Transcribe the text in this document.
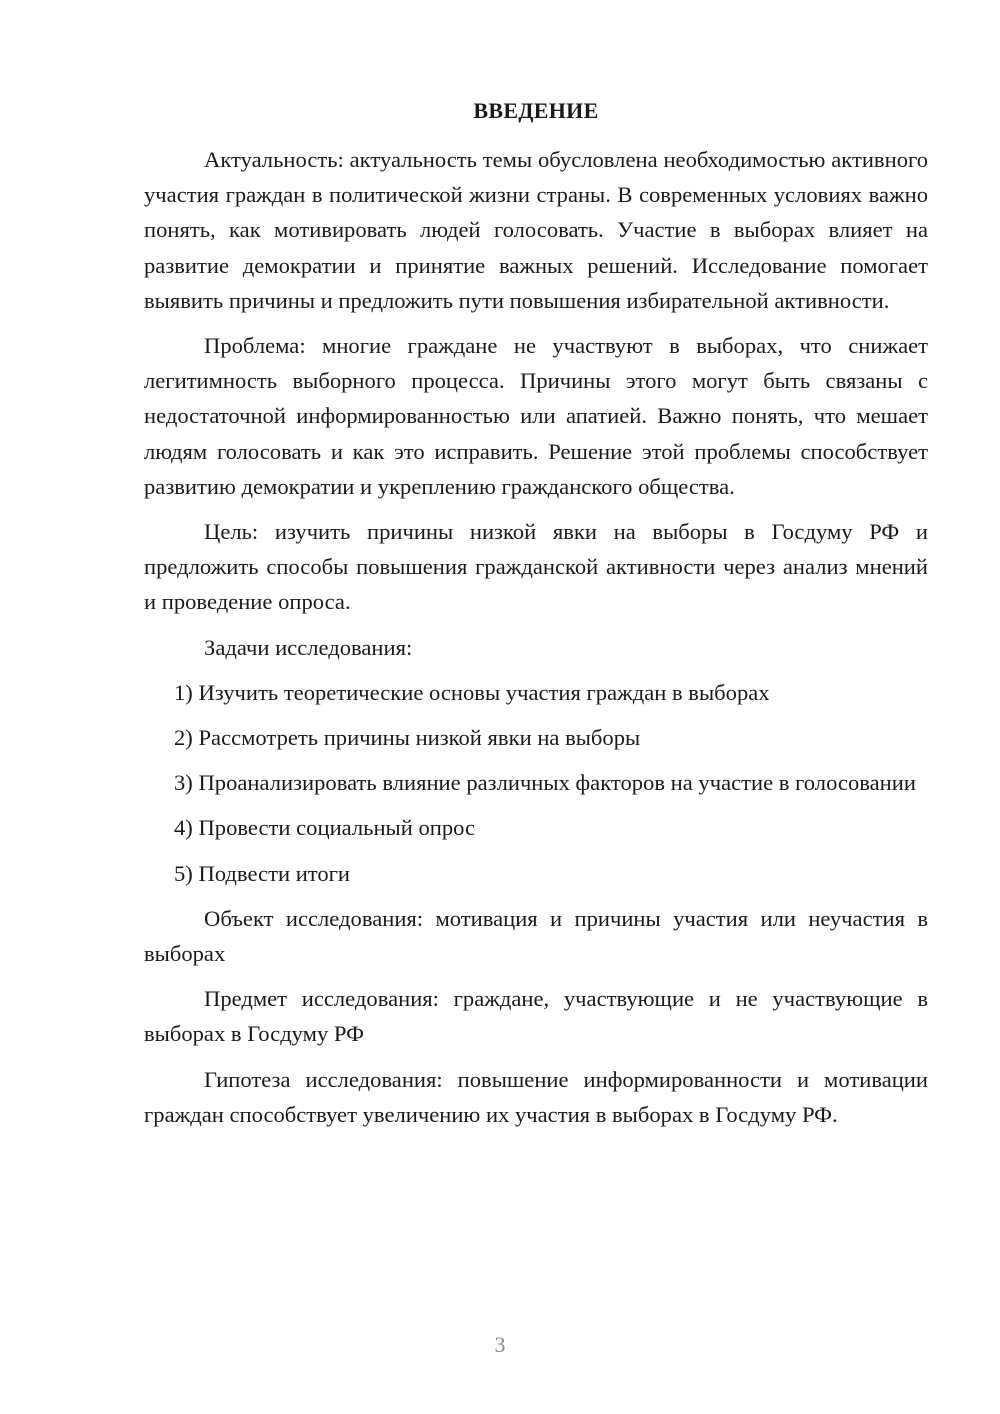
ВВЕДЕНИЕ

Актуальность: актуальность темы обусловлена необходимостью активного участия граждан в политической жизни страны. В современных условиях важно понять, как мотивировать людей голосовать. Участие в выборах влияет на развитие демократии и принятие важных решений. Исследование помогает выявить причины и предложить пути повышения избирательной активности.

Проблема: многие граждане не участвуют в выборах, что снижает легитимность выборного процесса. Причины этого могут быть связаны с недостаточной информированностью или апатией. Важно понять, что мешает людям голосовать и как это исправить. Решение этой проблемы способствует развитию демократии и укреплению гражданского общества.

Цель: изучить причины низкой явки на выборы в Госдуму РФ и предложить способы повышения гражданской активности через анализ мнений и проведение опроса.

Задачи исследования:

1) Изучить теоретические основы участия граждан в выборах

2) Рассмотреть причины низкой явки на выборы

3) Проанализировать влияние различных факторов на участие в голосовании

4) Провести социальный опрос

5) Подвести итоги

Объект исследования: мотивация и причины участия или неучастия в выборах

Предмет исследования: граждане, участвующие и не участвующие в выборах в Госдуму РФ

Гипотеза исследования: повышение информированности и мотивации граждан способствует увеличению их участия в выборах в Госдуму РФ.

3
